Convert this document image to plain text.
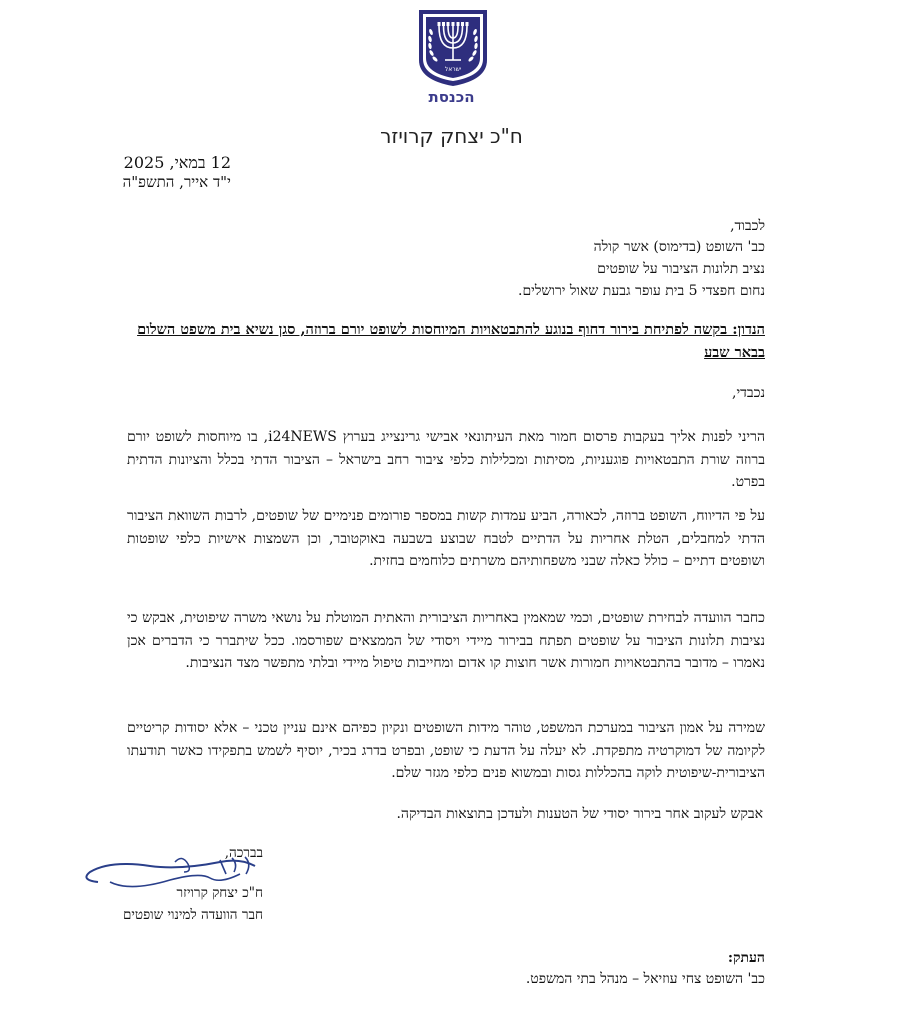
ישראל
הכנסת
ח"כ יצחק קרויזר
12 במאי, 2025
י"ד אייר, התשפ"ה
לכבוד,
כב' השופט (בדימוס) אשר קולה
נציב תלונות הציבור על שופטים
נחום חפצדי 5 בית עופר גבעת שאול ירושלים.
הנדון: בקשה לפתיחת בירור דחוף בנוגע להתבטאויות המיוחסות לשופט יורם ברוזה, סגן נשיא בית משפט השלום בבאר שבע
נכבדי,
הריני לפנות אליך בעקבות פרסום חמור מאת העיתונאי אבישי גרינצייג בערוץ i24NEWS, בו מיוחסות לשופט יורם ברוזה שורת התבטאויות פוגעניות, מסיתות ומכלילות כלפי ציבור רחב בישראל – הציבור הדתי בכלל והציונות הדתית בפרט.
על פי הדיווח, השופט ברוזה, לכאורה, הביע עמדות קשות במספר פורומים פנימיים של שופטים, לרבות השוואת הציבור הדתי למחבלים, הטלת אחריות על הדתיים לטבח שבוצע בשבעה באוקטובר, וכן השמצות אישיות כלפי שופטות ושופטים דתיים – כולל כאלה שבני משפחותיהם משרתים כלוחמים בחזית.
כחבר הוועדה לבחירת שופטים, וכמי שמאמין באחריות הציבורית והאתית המוטלת על נושאי משרה שיפוטית, אבקש כי נציבות תלונות הציבור על שופטים תפתח בבירור מיידי ויסודי של הממצאים שפורסמו. ככל שיתברר כי הדברים אכן נאמרו – מדובר בהתבטאויות חמורות אשר חוצות קו אדום ומחייבות טיפול מיידי ובלתי מתפשר מצד הנציבות.
שמירה על אמון הציבור במערכת המשפט, טוהר מידות השופטים ונקיון כפיהם אינם עניין טכני – אלא יסודות קריטיים לקיומה של דמוקרטיה מתפקדת. לא יעלה על הדעת כי שופט, ובפרט בדרג בכיר, יוסיף לשמש בתפקידו כאשר תודעתו הציבורית-שיפוטית לוקה בהכללות גסות ובמשוא פנים כלפי מגזר שלם.
אבקש לעקוב אחר בירור יסודי של הטענות ולעדכן בתוצאות הבדיקה.
בברכה,
ח"כ יצחק קרויזר
חבר הוועדה למינוי שופטים
העתק:
כב' השופט צחי עוזיאל – מנהל בתי המשפט.
